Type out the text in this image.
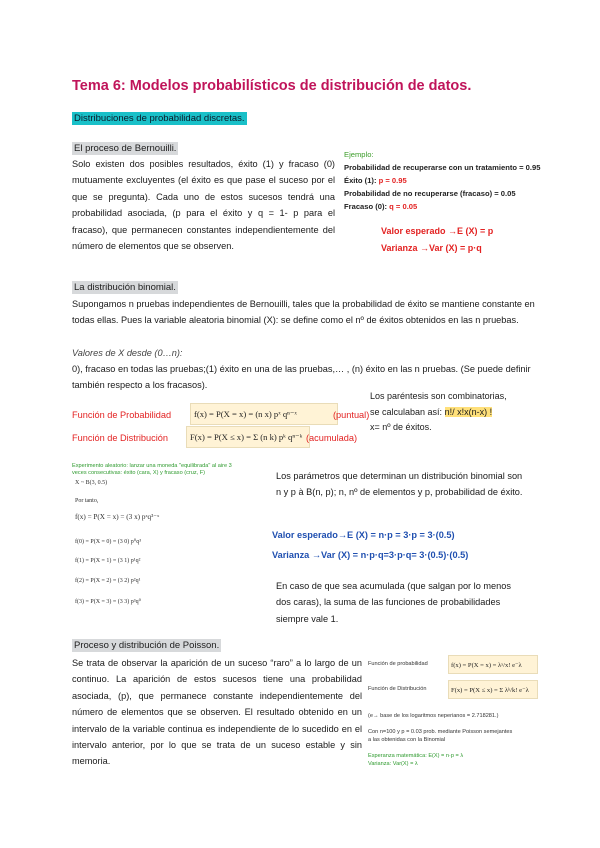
Tema 6: Modelos probabilísticos de distribución de datos.
Distribuciones de probabilidad discretas.
El proceso de Bernouilli.
Solo existen dos posibles resultados, éxito (1) y fracaso (0) mutuamente excluyentes (el éxito es que pase el suceso por el que se pregunta). Cada uno de estos sucesos tendrá una probabilidad asociada, (p para el éxito y q = 1- p para el fracaso), que permanecen constantes independientemente del número de elementos que se observen.
Ejemplo:
Probabilidad de recuperarse con un tratamiento = 0.95
Éxito (1): p = 0.95
Probabilidad de no recuperarse (fracaso) = 0.05
Fracaso (0): q = 0.05
Valor esperado →E (X) = p
Varianza →Var (X) = p·q
La distribución binomial.
Supongamos n pruebas independientes de Bernouilli, tales que la probabilidad de éxito se mantiene constante en todas ellas. Pues la variable aleatoria binomial (X): se define como el nº de éxitos obtenidos en las n pruebas.
Valores de X desde (0…n):
0), fracaso en todas las pruebas;(1) éxito en una de las pruebas,… , (n) éxito en las n pruebas. (Se puede definir también respecto a los fracasos).
Función de Probabilidad	f(x) = P(X = x) = (n x) pˣ qⁿ⁻ˣ	(puntual)
Función de Distribución	F(x) = P(X ≤ x) = Σ (n k) pᵏ qⁿ⁻ᵏ (acumulada)
Los paréntesis son combinatorias,
se calculaban así: n!/ x!x(n-x) !
x= nº de éxitos.
Experimento aleatorio: lanzar una moneda "equilibrada" al aire 3
veces consecutivas: éxito (cara, X) y fracaso (cruz, F)
X ~ B(3, 0.5)
Por tanto,
f(x) = P(X = x) = (3 x) pˣq³⁻ˣ
f(0) = P(X = 0) = (3 0) p⁰q³
f(1) = P(X = 1) = (3 1) p¹q²
f(2) = P(X = 2) = (3 2) p²q¹
f(3) = P(X = 3) = (3 3) p³q⁰
Los parámetros que determinan un distribución binomial son n y p à B(n, p); n, nº de elementos y p, probabilidad de éxito.
Valor esperado→E (X) = n·p = 3·p = 3·(0.5)
Varianza →Var (X) = n·p·q=3·p·q= 3·(0.5)·(0.5)
En caso de que sea acumulada (que salgan por lo menos dos caras), la suma de las funciones de probabilidades siempre vale 1.
Proceso y distribución de Poisson.
Se trata de observar la aparición de un suceso “raro” a lo largo de un continuo. La aparición de estos sucesos tiene una probabilidad asociada, (p), que permanece constante independientemente del número de elementos que se observen. El resultado obtenido en un intervalo de la variable continua es independiente de lo sucedido en el intervalo anterior, por lo que se trata de un suceso estable y sin memoria.
Función de probabilidad	f(x) = P(X = x) = λˣ/x! e⁻λ
Función de Distribución	F(x) = P(X ≤ x) = Σ λᵏ/k! e⁻λ
(e→ base de los logaritmos neperianos = 2.718281.)
Con n=100 y p = 0.03 prob. mediante Poisson semejantes
a las obtenidas con la Binomial
Esperanza matemática: E(X) = n·p = λ
Varianza: Var(X) = λ
